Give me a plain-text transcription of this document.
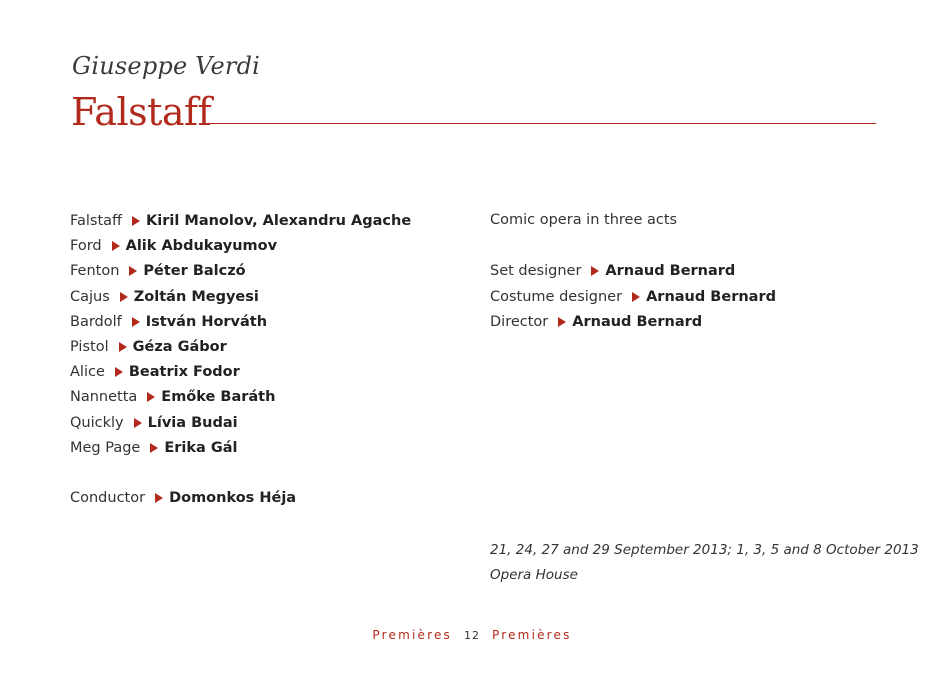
Giuseppe Verdi
Falstaff
Falstaff Kiril Manolov, Alexandru Agache
Ford Alik Abdukayumov
Fenton Péter Balczó
Cajus Zoltán Megyesi
Bardolf István Horváth
Pistol Géza Gábor
Alice Beatrix Fodor
Nannetta Emőke Baráth
Quickly Lívia Budai
Meg Page Erika Gál
Conductor Domonkos Héja
Comic opera in three acts
Set designer Arnaud Bernard
Costume designer Arnaud Bernard
Director Arnaud Bernard
21, 24, 27 and 29 September 2013; 1, 3, 5 and 8 October 2013
Opera House
Premières 12 Premières
